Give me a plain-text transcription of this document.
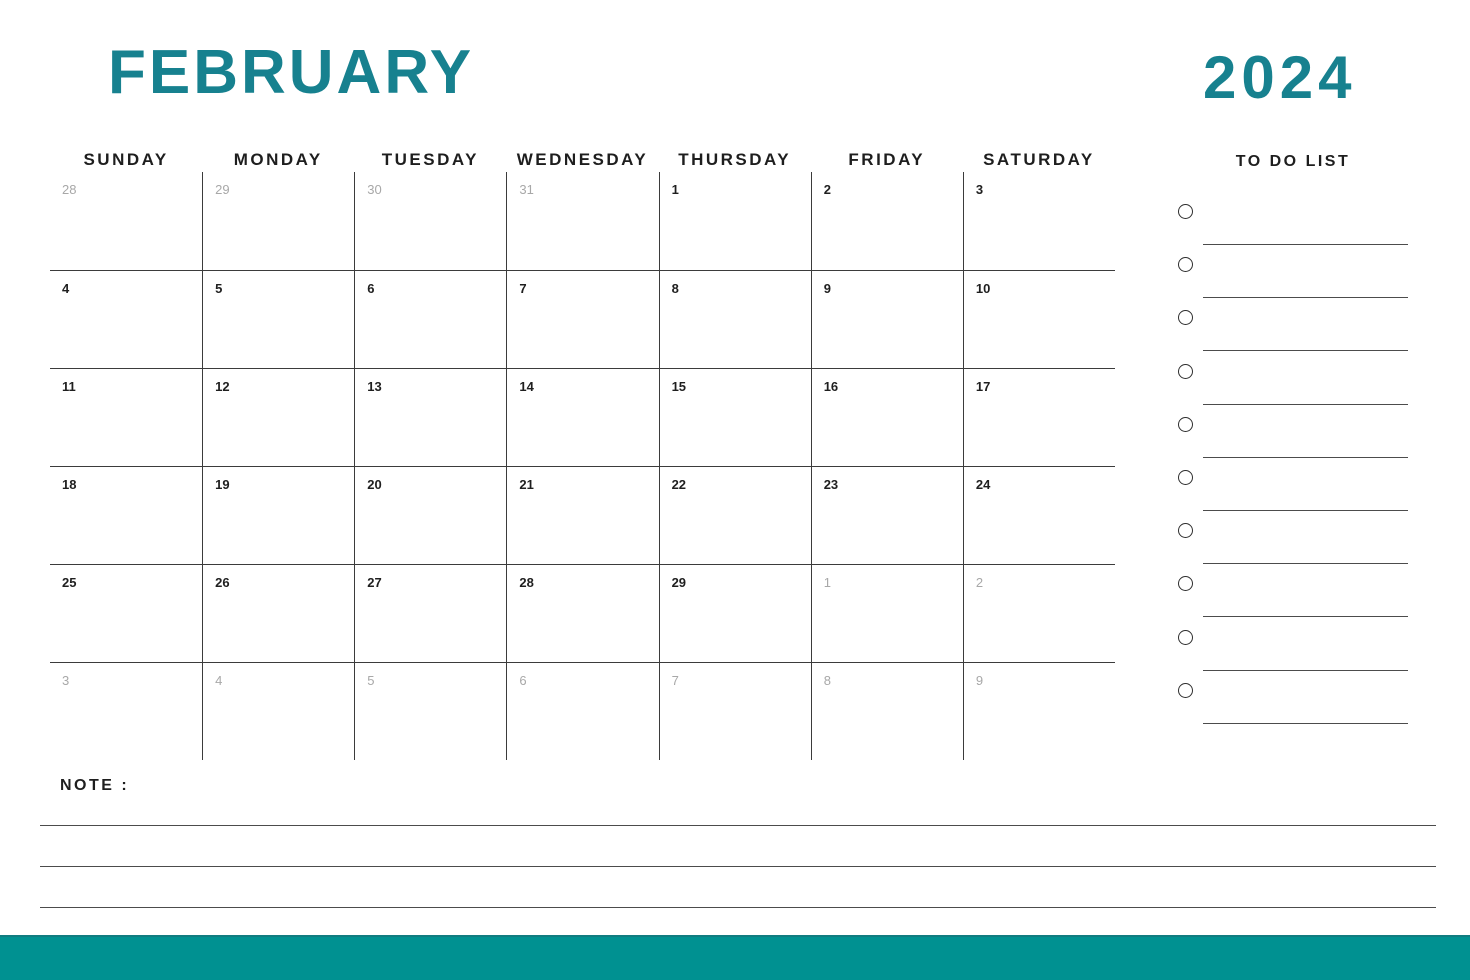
FEBRUARY	2024
SUNDAY	MONDAY	TUESDAY	WEDNESDAY	THURSDAY	FRIDAY	SATURDAY
28	29	30	31	1	2	3
4	5	6	7	8	9	10
11	12	13	14	15	16	17
18	19	20	21	22	23	24
25	26	27	28	29	1	2
3	4	5	6	7	8	9
TO DO LIST
NOTE :
